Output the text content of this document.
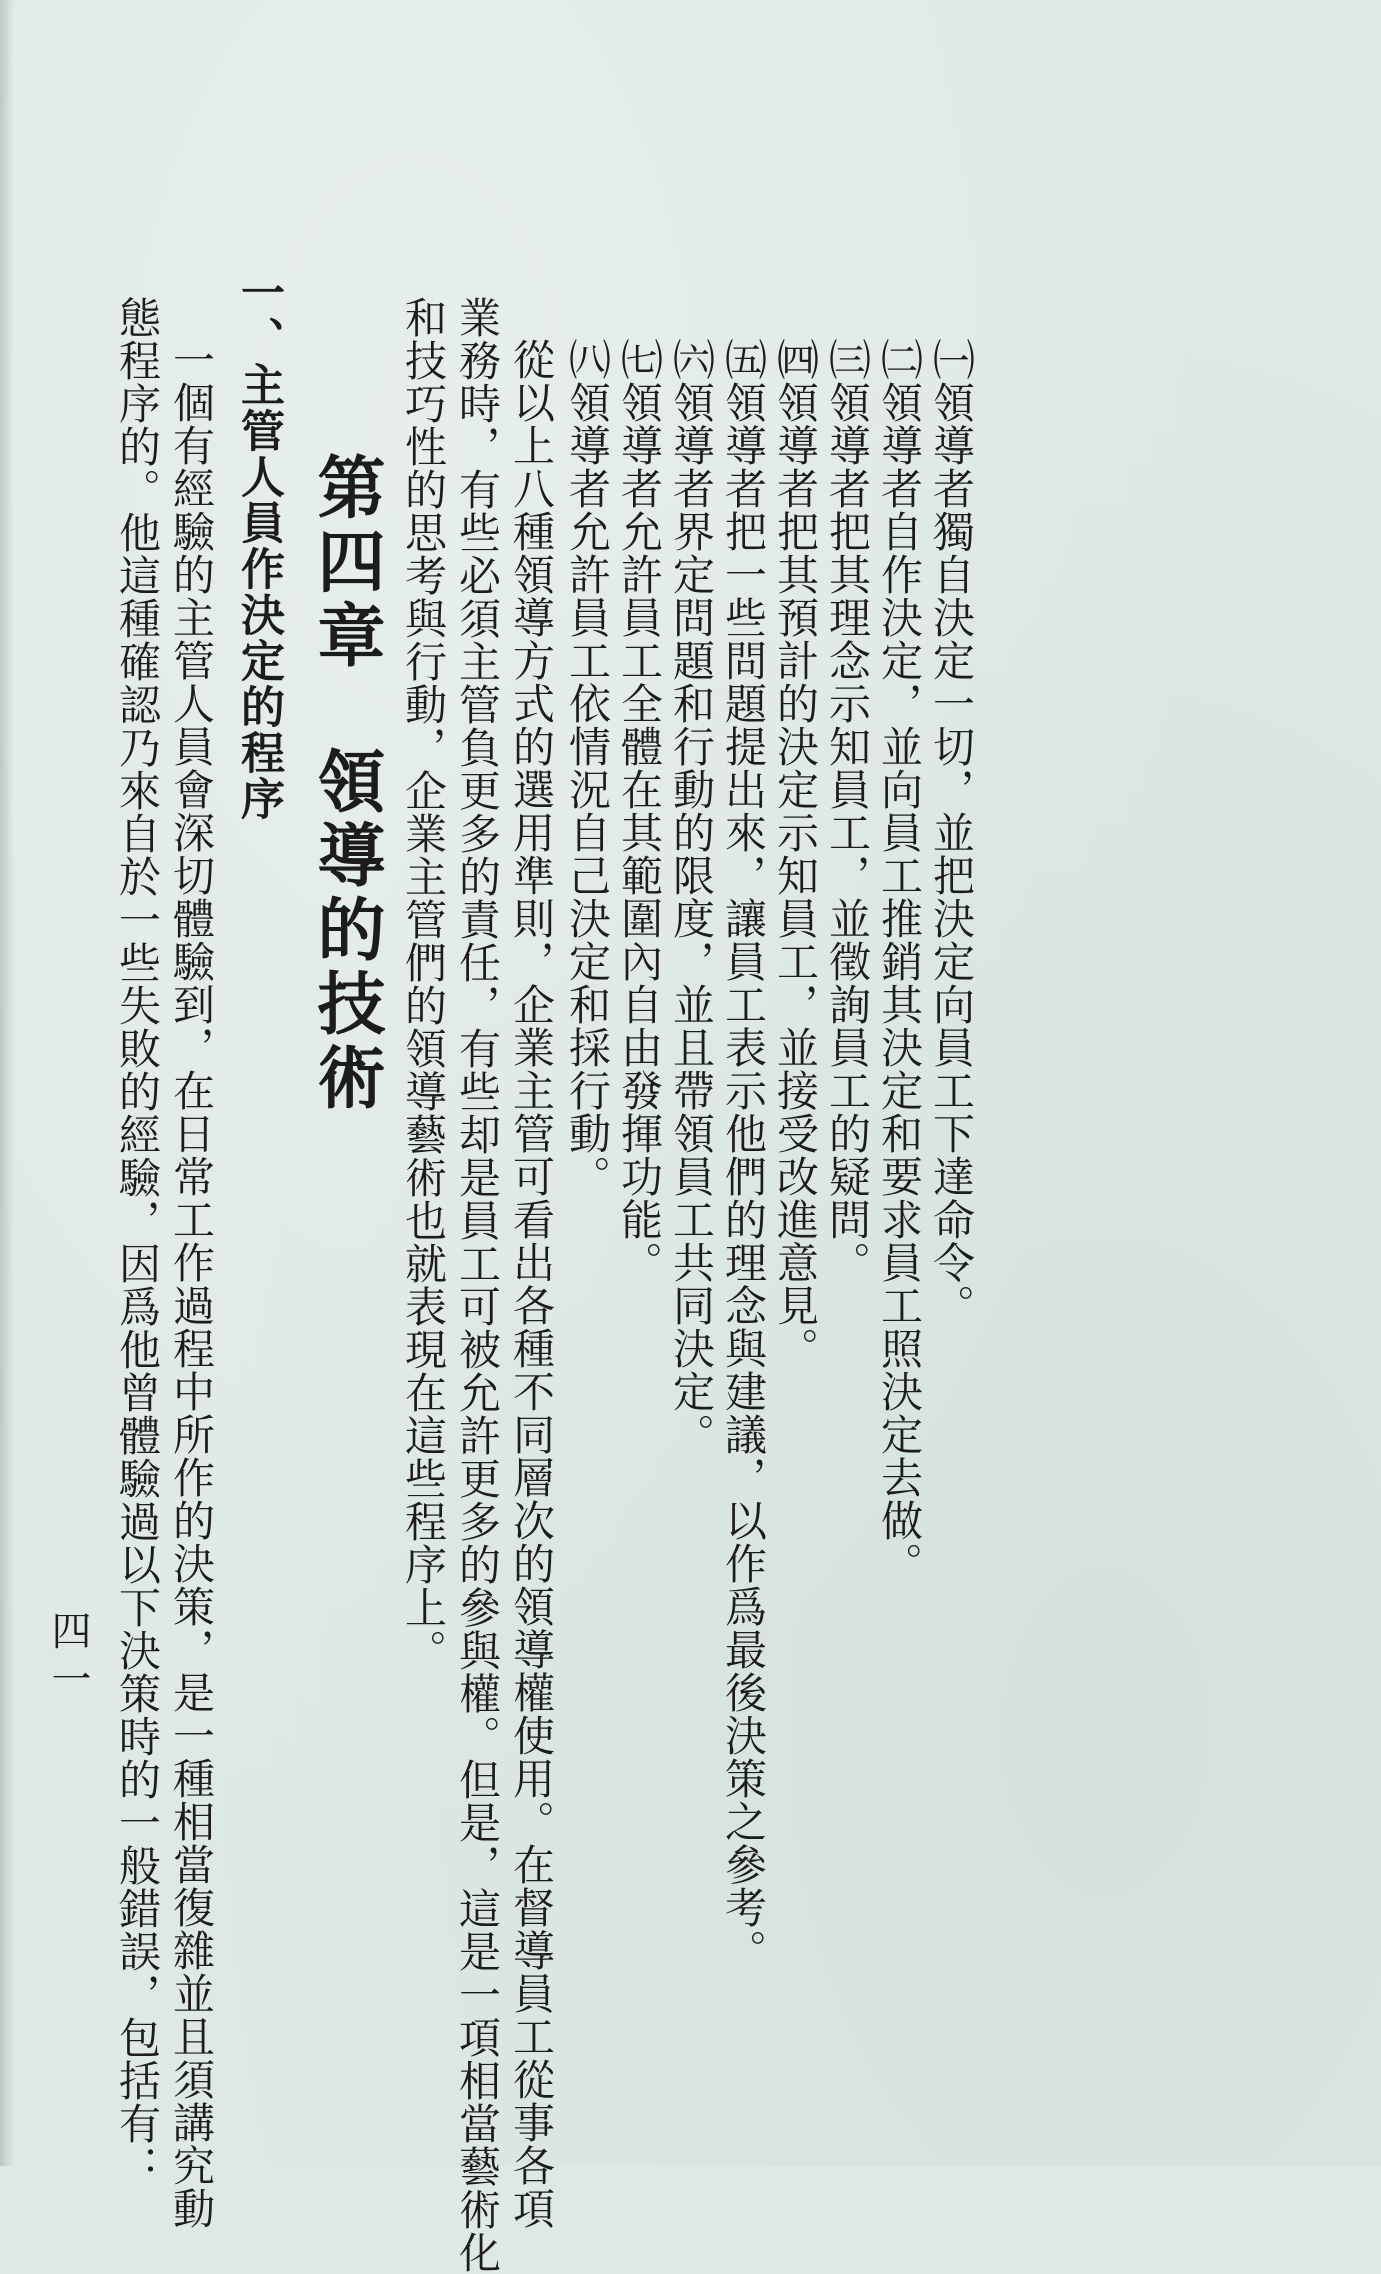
㈠領導者獨自決定一切，並把決定向員工下達命令。
㈡領導者自作決定，並向員工推銷其決定和要求員工照決定去做。
㈢領導者把其理念示知員工，並徵詢員工的疑問。
㈣領導者把其預計的決定示知員工，並接受改進意見。
㈤領導者把一些問題提出來，讓員工表示他們的理念與建議，以作爲最後決策之參考。
㈥領導者界定問題和行動的限度，並且帶領員工共同決定。
㈦領導者允許員工全體在其範圍內自由發揮功能。
㈧領導者允許員工依情況自己決定和採行動。
從以上八種領導方式的選用準則，企業主管可看出各種不同層次的領導權使用。在督導員工從事各項
第四章領導的技術
一、主管人員作決定的程序
一個有經驗的主管人員會深切體驗到，在日常工作過程中所作的決策，是一種相當復雜並且須講究動
態程序的。他這種確認乃來自於一些失敗的經驗，因爲他曾體驗過以下決策時的一般錯誤，包括有：
四一	業務時，有些必須主管負更多的責任，有些却是員工可被允許更多的參與權。但是，這是一項相當藝術化
和技巧性的思考與行動，企業主管們的領導藝術也就表現在這些程序上。
